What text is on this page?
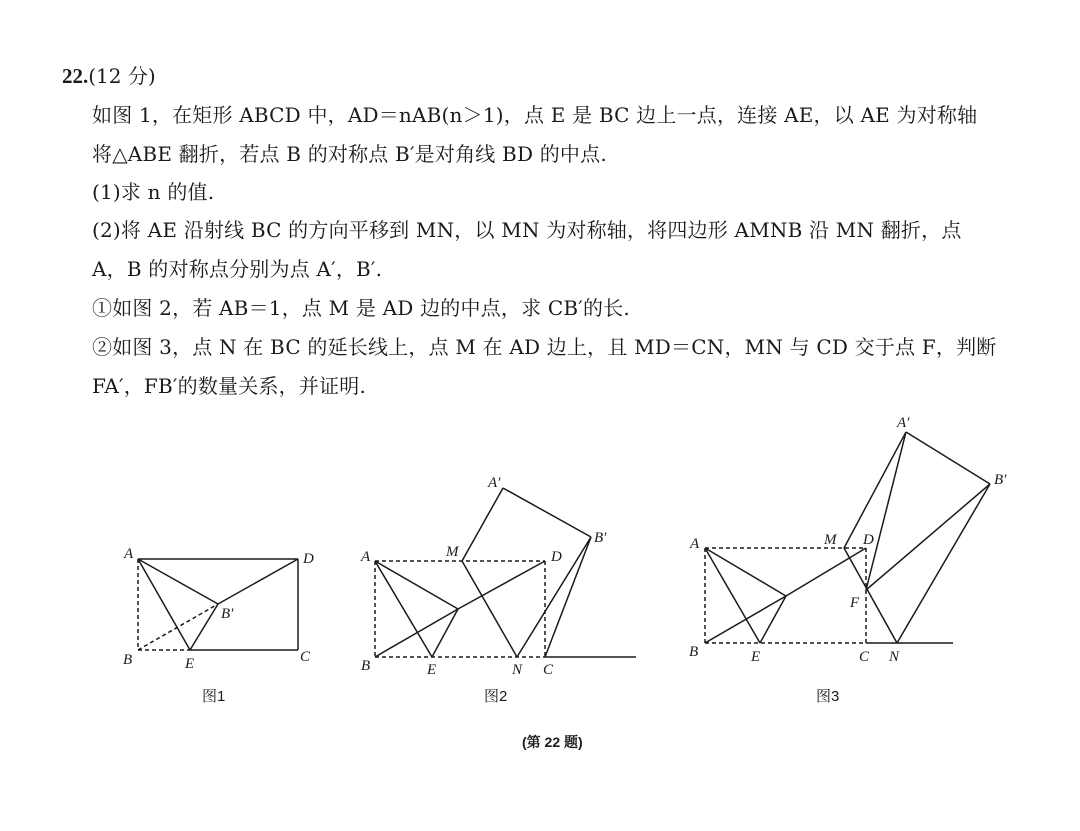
22.(12 分)
如图 1，在矩形 ABCD 中，AD＝nAB(n＞1)，点 E 是 BC 边上一点，连接 AE，以 AE 为对称轴
将△ABE 翻折，若点 B 的对称点 B′是对角线 BD 的中点.
(1)求 n 的值.
(2)将 AE 沿射线 BC 的方向平移到 MN，以 MN 为对称轴，将四边形 AMNB 沿 MN 翻折，点
A，B 的对称点分别为点 A′，B′.
①如图 2，若 AB＝1，点 M 是 AD 边的中点，求 CB′的长.
②如图 3，点 N 在 BC 的延长线上，点 M 在 AD 边上，且 MD＝CN，MN 与 CD 交于点 F，判断
FA′，FB′的数量关系，并证明.
A
B	C
D
E
B′
图1
A
B	C
D
E
M
N
A′
B′
图2
A
B	C
D
E
M
N
F
A′
B′
图3
(第 22 题)
